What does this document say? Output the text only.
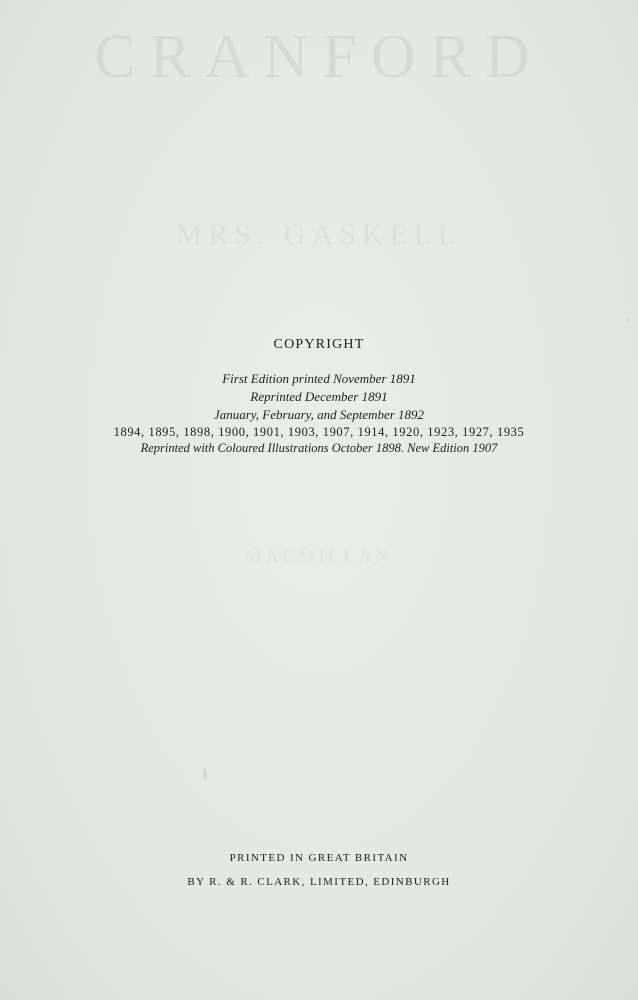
CRANFORD
MRS. GASKELL
MACMILLAN
COPYRIGHT

First Edition printed November 1891

Reprinted December 1891

January, February, and September 1892

1894, 1895, 1898, 1900, 1901, 1903, 1907, 1914, 1920, 1923, 1927, 1935

Reprinted with Coloured Illustrations October 1898. New Edition 1907

PRINTED IN GREAT BRITAIN

BY R. & R. CLARK, LIMITED, EDINBURGH
